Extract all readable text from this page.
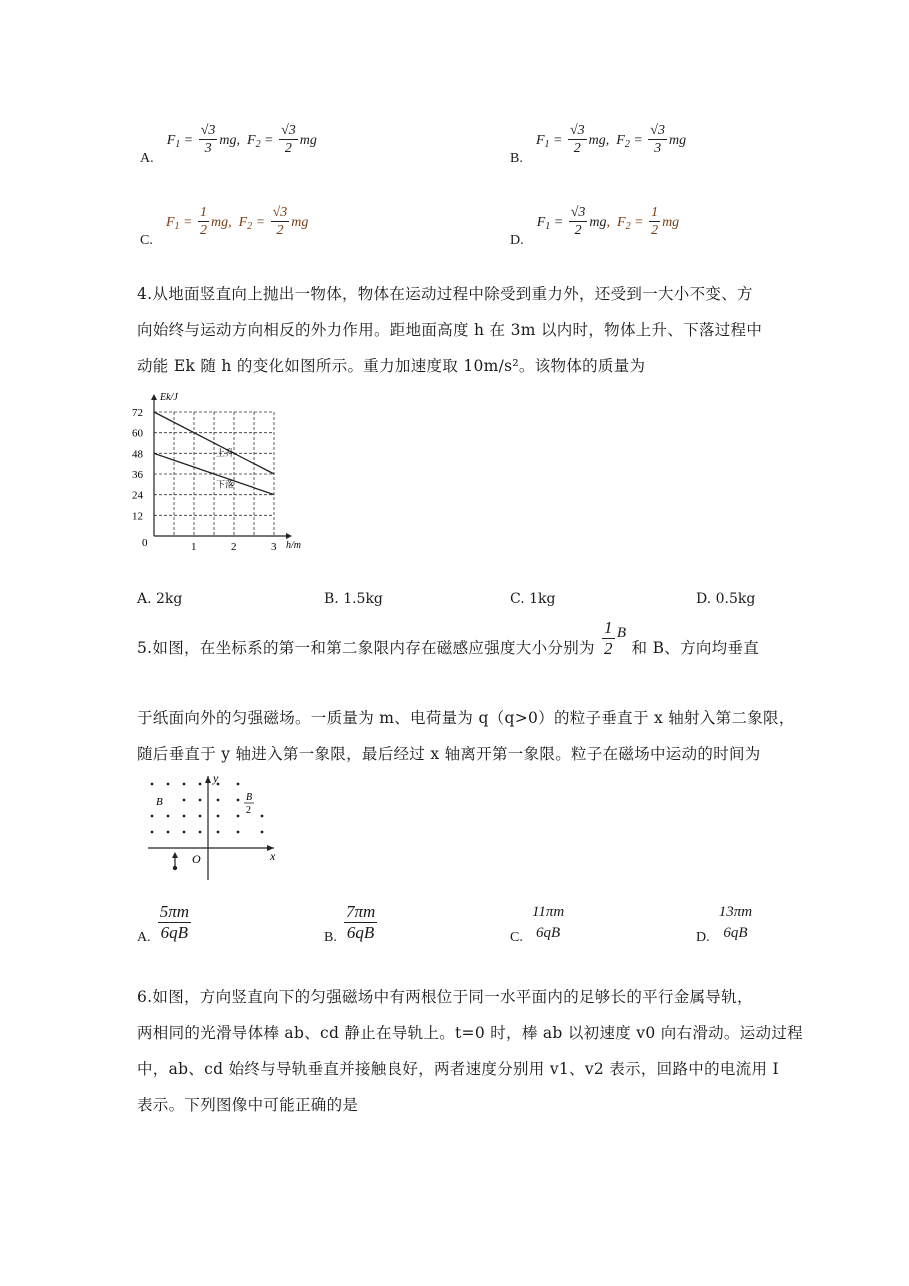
A. $F_1 = \frac{√3}{3}$ mg,  $F_2 = \frac{√3}{2}$ mg
B. $F_1 = \frac{√3}{2}$ mg,  $F_2 = \frac{√3}{3}$ mg
C. $F_1 = \frac{1}{2}$ mg,  $F_2 = \frac{√3}{2}$ mg
D. $F_1 = \frac{√3}{2}$ mg,  $F_2 = \frac{1}{2}$ mg
4.从地面竖直向上抛出一物体，物体在运动过程中除受到重力外，还受到一大小不变、方
向始终与运动方向相反的外力作用。距地面高度 h 在 3m 以内时，物体上升、下落过程中
动能 Ek 随 h 的变化如图所示。重力加速度取 10m/s²。该物体的质量为
上升
下落
12
24
36
48
60
72
1	2	3
0
Ek/J
h/m
A. 2kg	B. 1.5kg	C. 1kg	D. 0.5kg
5.如图，在坐标系的第一和第二象限内存在磁感应强度大小分别为 $\frac{1}{2}$ B 和 B、方向均垂直
于纸面向外的匀强磁场。一质量为 m、电荷量为 q（q>0）的粒子垂直于 x 轴射入第二象限，
随后垂直于 y 轴进入第一象限，最后经过 x 轴离开第一象限。粒子在磁场中运动的时间为
y
x
O
B	B
2
A. $\frac{5\pi m}{6qB}$	B. $\frac{7\pi m}{6qB}$	C.
11πm
6qB	D.
13πm
6qB
6.如图，方向竖直向下的匀强磁场中有两根位于同一水平面内的足够长的平行金属导轨，
两相同的光滑导体棒 ab、cd 静止在导轨上。t=0 时，棒 ab 以初速度 v0 向右滑动。运动过程
中，ab、cd 始终与导轨垂直并接触良好，两者速度分别用 v1、v2 表示，回路中的电流用 I
表示。下列图像中可能正确的是
